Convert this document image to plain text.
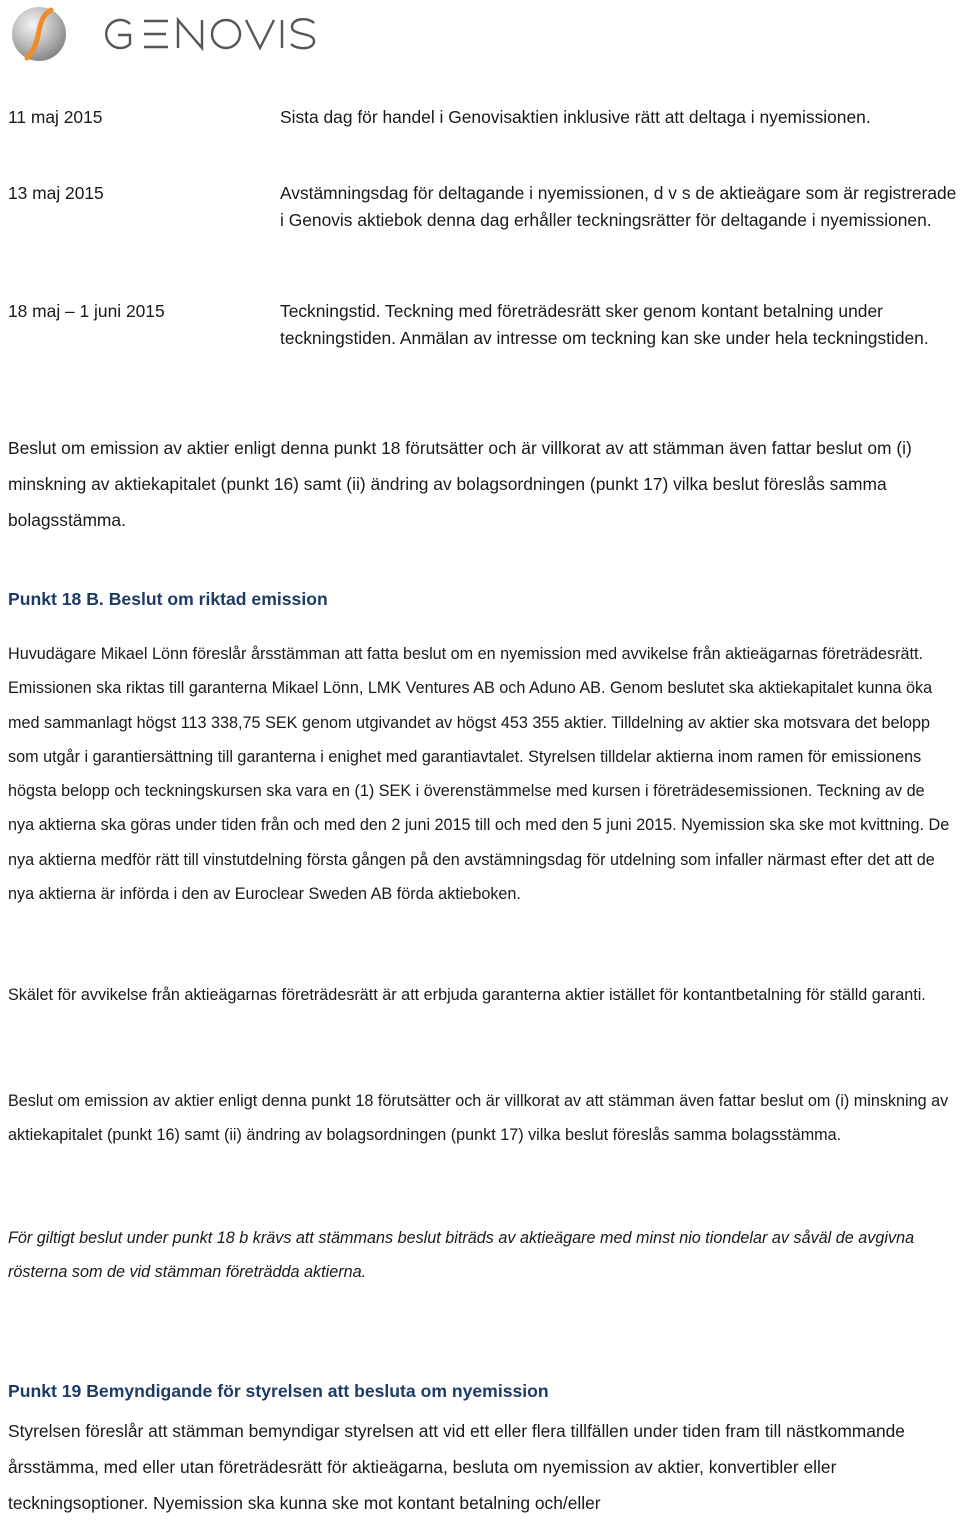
11 maj 2015	Sista dag för handel i Genovisaktien inklusive rätt att deltaga i nyemissionen.
13 maj 2015	Avstämningsdag för deltagande i nyemissionen, d v s de aktieägare som är registrerade i Genovis aktiebok denna dag erhåller teckningsrätter för deltagande i nyemissionen.
18 maj – 1 juni 2015	Teckningstid. Teckning med företrädesrätt sker genom kontant betalning under teckningstiden. Anmälan av intresse om teckning kan ske under hela teckningstiden.

Beslut om emission av aktier enligt denna punkt 18 förutsätter och är villkorat av att stämman även fattar beslut om (i) minskning av aktiekapitalet (punkt 16) samt (ii) ändring av bolagsordningen (punkt 17) vilka beslut föreslås samma bolagsstämma.

Punkt 18 B. Beslut om riktad emission

Huvudägare Mikael Lönn föreslår årsstämman att fatta beslut om en nyemission med avvikelse från aktieägarnas företrädesrätt. Emissionen ska riktas till garanterna Mikael Lönn, LMK Ventures AB och Aduno AB. Genom beslutet ska aktiekapitalet kunna öka med sammanlagt högst 113 338,75 SEK genom utgivandet av högst 453 355 aktier. Tilldelning av aktier ska motsvara det belopp som utgår i garantiersättning till garanterna i enighet med garantiavtalet. Styrelsen tilldelar aktierna inom ramen för emissionens högsta belopp och teckningskursen ska vara en (1) SEK i överenstämmelse med kursen i företrädesemissionen. Teckning av de nya aktierna ska göras under tiden från och med den 2 juni 2015 till och med den 5 juni 2015. Nyemission ska ske mot kvittning. De nya aktierna medför rätt till vinstutdelning första gången på den avstämningsdag för utdelning som infaller närmast efter det att de nya aktierna är införda i den av Euroclear Sweden AB förda aktieboken.

Skälet för avvikelse från aktieägarnas företrädesrätt är att erbjuda garanterna aktier istället för kontantbetalning för ställd garanti.

Beslut om emission av aktier enligt denna punkt 18 förutsätter och är villkorat av att stämman även fattar beslut om (i) minskning av aktiekapitalet (punkt 16) samt (ii) ändring av bolagsordningen (punkt 17) vilka beslut föreslås samma bolagsstämma.

För giltigt beslut under punkt 18 b krävs att stämmans beslut biträds av aktieägare med minst nio tiondelar av såväl de avgivna rösterna som de vid stämman företrädda aktierna.

Punkt 19 Bemyndigande för styrelsen att besluta om nyemission

Styrelsen föreslår att stämman bemyndigar styrelsen att vid ett eller flera tillfällen under tiden fram till nästkommande årsstämma, med eller utan företrädesrätt för aktieägarna, besluta om nyemission av aktier, konvertibler eller teckningsoptioner. Nyemission ska kunna ske mot kontant betalning och/eller
